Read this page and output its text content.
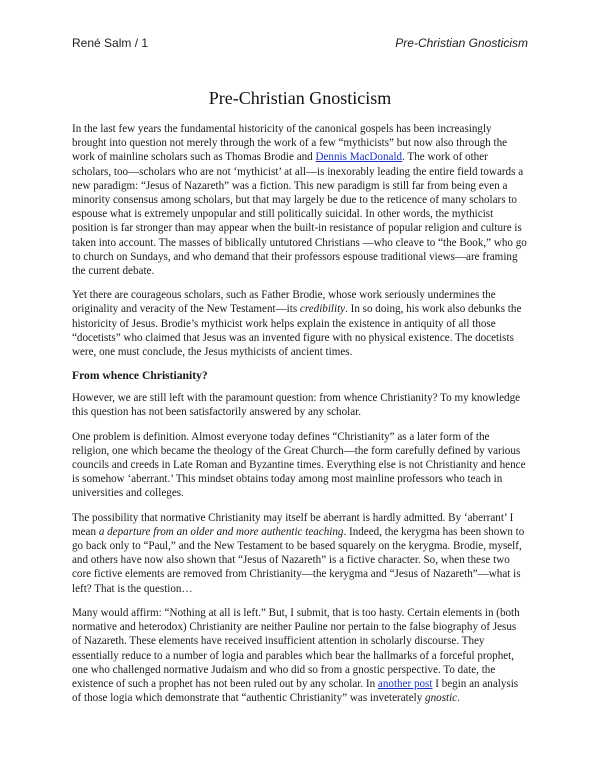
René Salm / 1	Pre-Christian Gnosticism
Pre-Christian Gnosticism

In the last few years the fundamental historicity of the canonical gospels has been increasingly brought into question not merely through the work of a few “mythicists” but now also through the work of mainline scholars such as Thomas Brodie and Dennis MacDonald. The work of other scholars, too—scholars who are not ‘mythicist’ at all—is inexorably leading the entire field towards a new paradigm: “Jesus of Nazareth” was a fiction. This new paradigm is still far from being even a minority consensus among scholars, but that may largely be due to the reticence of many scholars to espouse what is extremely unpopular and still politically suicidal. In other words, the mythicist position is far stronger than may appear when the built-in resistance of popular religion and culture is taken into account. The masses of biblically untutored Christians —who cleave to “the Book,” who go to church on Sundays, and who demand that their professors espouse traditional views—are framing the current debate.

Yet there are courageous scholars, such as Father Brodie, whose work seriously undermines the originality and veracity of the New Testament—its credibility. In so doing, his work also debunks the historicity of Jesus. Brodie’s mythicist work helps explain the existence in antiquity of all those “docetists” who claimed that Jesus was an invented figure with no physical existence. The docetists were, one must conclude, the Jesus mythicists of ancient times.

From whence Christianity?

However, we are still left with the paramount question: from whence Christianity? To my knowledge this question has not been satisfactorily answered by any scholar.

One problem is definition. Almost everyone today defines “Christianity” as a later form of the religion, one which became the theology of the Great Church—the form carefully defined by various councils and creeds in Late Roman and Byzantine times. Everything else is not Christianity and hence is somehow ‘aberrant.’ This mindset obtains today among most mainline professors who teach in universities and colleges.

The possibility that normative Christianity may itself be aberrant is hardly admitted. By ‘aberrant’ I mean a departure from an older and more authentic teaching. Indeed, the kerygma has been shown to go back only to “Paul,” and the New Testament to be based squarely on the kerygma. Brodie, myself, and others have now also shown that “Jesus of Nazareth” is a fictive character. So, when these two core fictive elements are removed from Christianity—the kerygma and “Jesus of Nazareth”—what is left? That is the question…

Many would affirm: “Nothing at all is left.” But, I submit, that is too hasty. Certain elements in (both normative and heterodox) Christianity are neither Pauline nor pertain to the false biography of Jesus of Nazareth. These elements have received insufficient attention in scholarly discourse. They essentially reduce to a number of logia and parables which bear the hallmarks of a forceful prophet, one who challenged normative Judaism and who did so from a gnostic perspective. To date, the existence of such a prophet has not been ruled out by any scholar. In another post I begin an analysis of those logia which demonstrate that “authentic Christianity” was inveterately gnostic.
